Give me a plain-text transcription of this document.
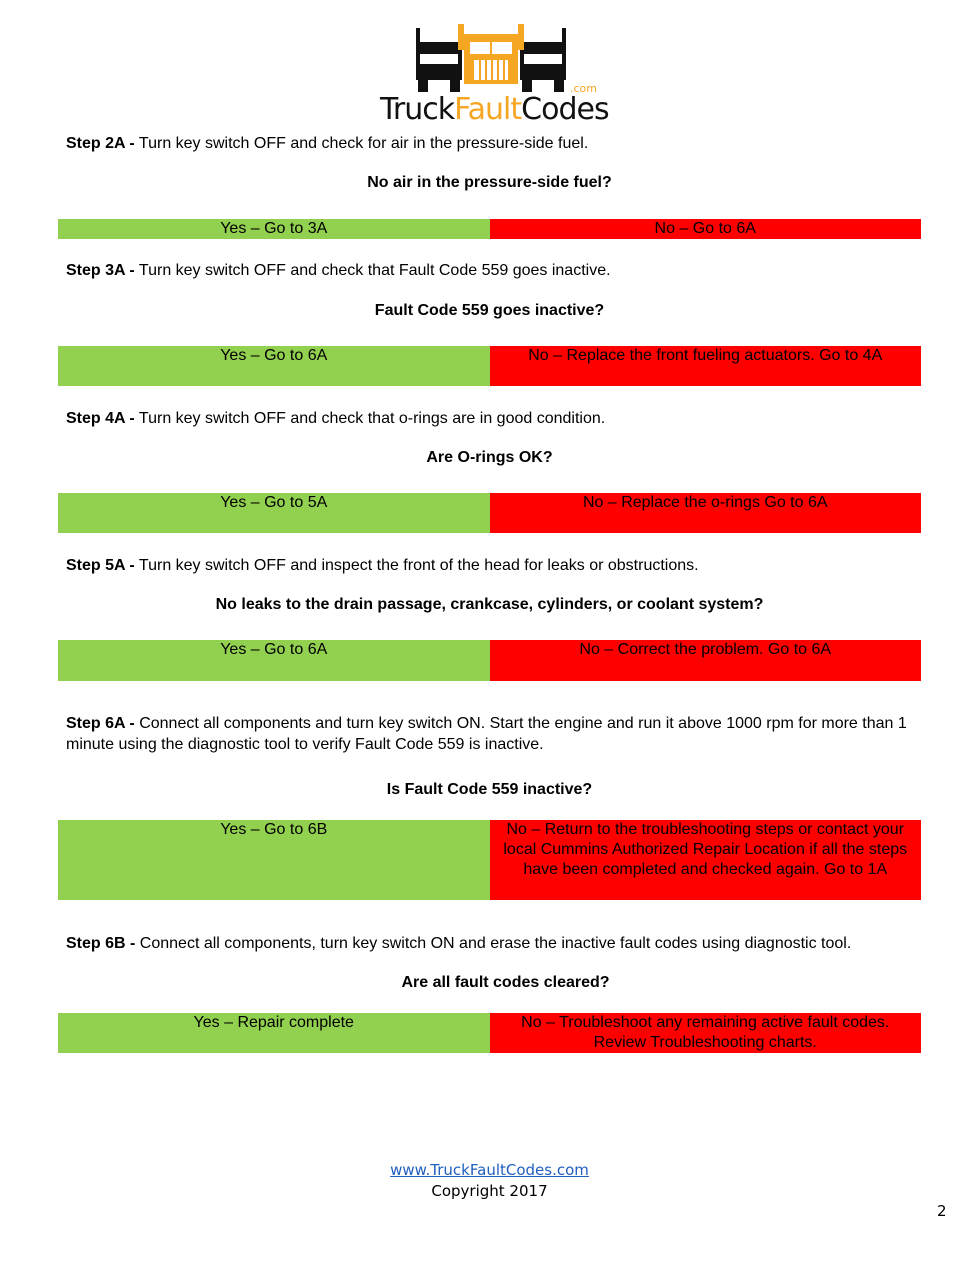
TruckFaultCodes
.com
Step 2A - Turn key switch OFF and check for air in the pressure-side fuel.
No air in the pressure-side fuel?
Yes – Go to 3A	No – Go to 6A
Step 3A - Turn key switch OFF and check that Fault Code 559 goes inactive.
Fault Code 559 goes inactive?
Yes – Go to 6A	No – Replace the front fueling actuators. Go to 4A
Step 4A - Turn key switch OFF and check that o-rings are in good condition.
Are O-rings OK?
Yes – Go to 5A	No – Replace the o-rings Go to 6A
Step 5A - Turn key switch OFF and inspect the front of the head for leaks or obstructions.
No leaks to the drain passage, crankcase, cylinders, or coolant system?
Yes – Go to 6A	No – Correct the problem. Go to 6A
Step 6A - Connect all components and turn key switch ON. Start the engine and run it above 1000 rpm for more than 1 minute using the diagnostic tool to verify Fault Code 559 is inactive.
Is Fault Code 559 inactive?
Yes – Go to 6B	No – Return to the troubleshooting steps or contact your local Cummins Authorized Repair Location if all the steps have been completed and checked again. Go to 1A
Step 6B - Connect all components, turn key switch ON and erase the inactive fault codes using diagnostic tool.
Are all fault codes cleared?
Yes – Repair complete	No – Troubleshoot any remaining active fault codes. Review Troubleshooting charts.
www.TruckFaultCodes.com
Copyright 2017
2
